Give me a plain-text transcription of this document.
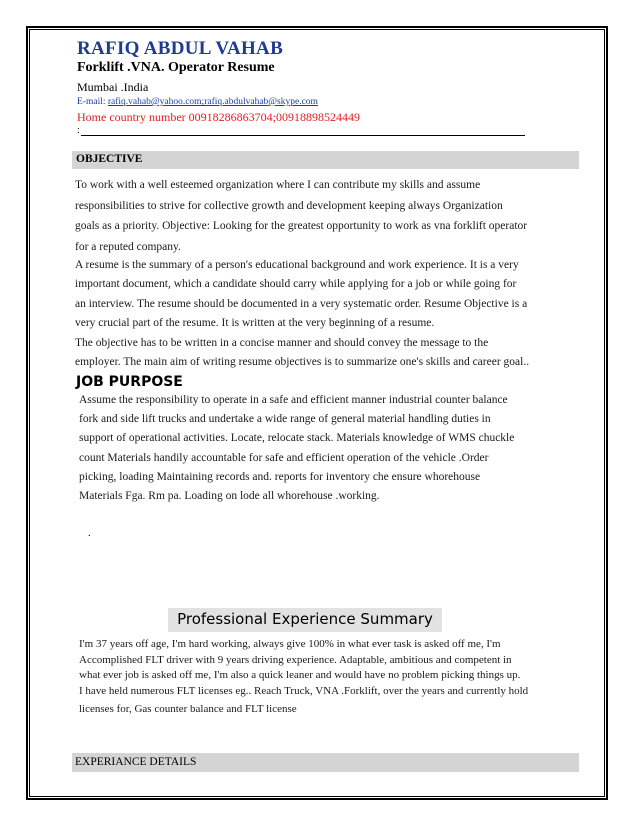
RAFIQ ABDUL VAHAB
Forklift .VNA. Operator Resume
Mumbai .India
E-mail: rafiq.vahab@yahoo.com;rafiq.abdulvahab@skype.com
Home country number 00918286863704;00918898524449
:
OBJECTIVE
To work with a well esteemed organization where I can contribute my skills and assume
responsibilities to strive for collective growth and development keeping always Organization
goals as a priority. Objective: Looking for the greatest opportunity to work as vna forklift operator
for a reputed company.
A resume is the summary of a person's educational background and work experience. It is a very
important document, which a candidate should carry while applying for a job or while going for
an interview. The resume should be documented in a very systematic order. Resume Objective is a
very crucial part of the resume. It is written at the very beginning of a resume.
The objective has to be written in a concise manner and should convey the message to the
employer. The main aim of writing resume objectives is to summarize one's skills and career goal..
JOB PURPOSE
Assume the responsibility to operate in a safe and efficient manner industrial counter balance
fork and side lift trucks and undertake a wide range of general material handling duties in
support of operational activities. Locate, relocate stack. Materials knowledge of WMS chuckle
count Materials handily accountable for safe and efficient operation of the vehicle .Order
picking, loading Maintaining records and. reports for inventory che ensure whorehouse
Materials Fga. Rm pa. Loading on lode all whorehouse .working.
.
Professional Experience Summary
I'm 37 years off age, I'm hard working, always give 100% in what ever task is asked off me, I'm
Accomplished FLT driver with 9 years driving experience. Adaptable, ambitious and competent in
what ever job is asked off me, I'm also a quick leaner and would have no problem picking things up.
I have held numerous FLT licenses eg.. Reach Truck, VNA .Forklift, over the years and currently hold
licenses for, Gas counter balance and FLT license
EXPERIANCE DETAILS
